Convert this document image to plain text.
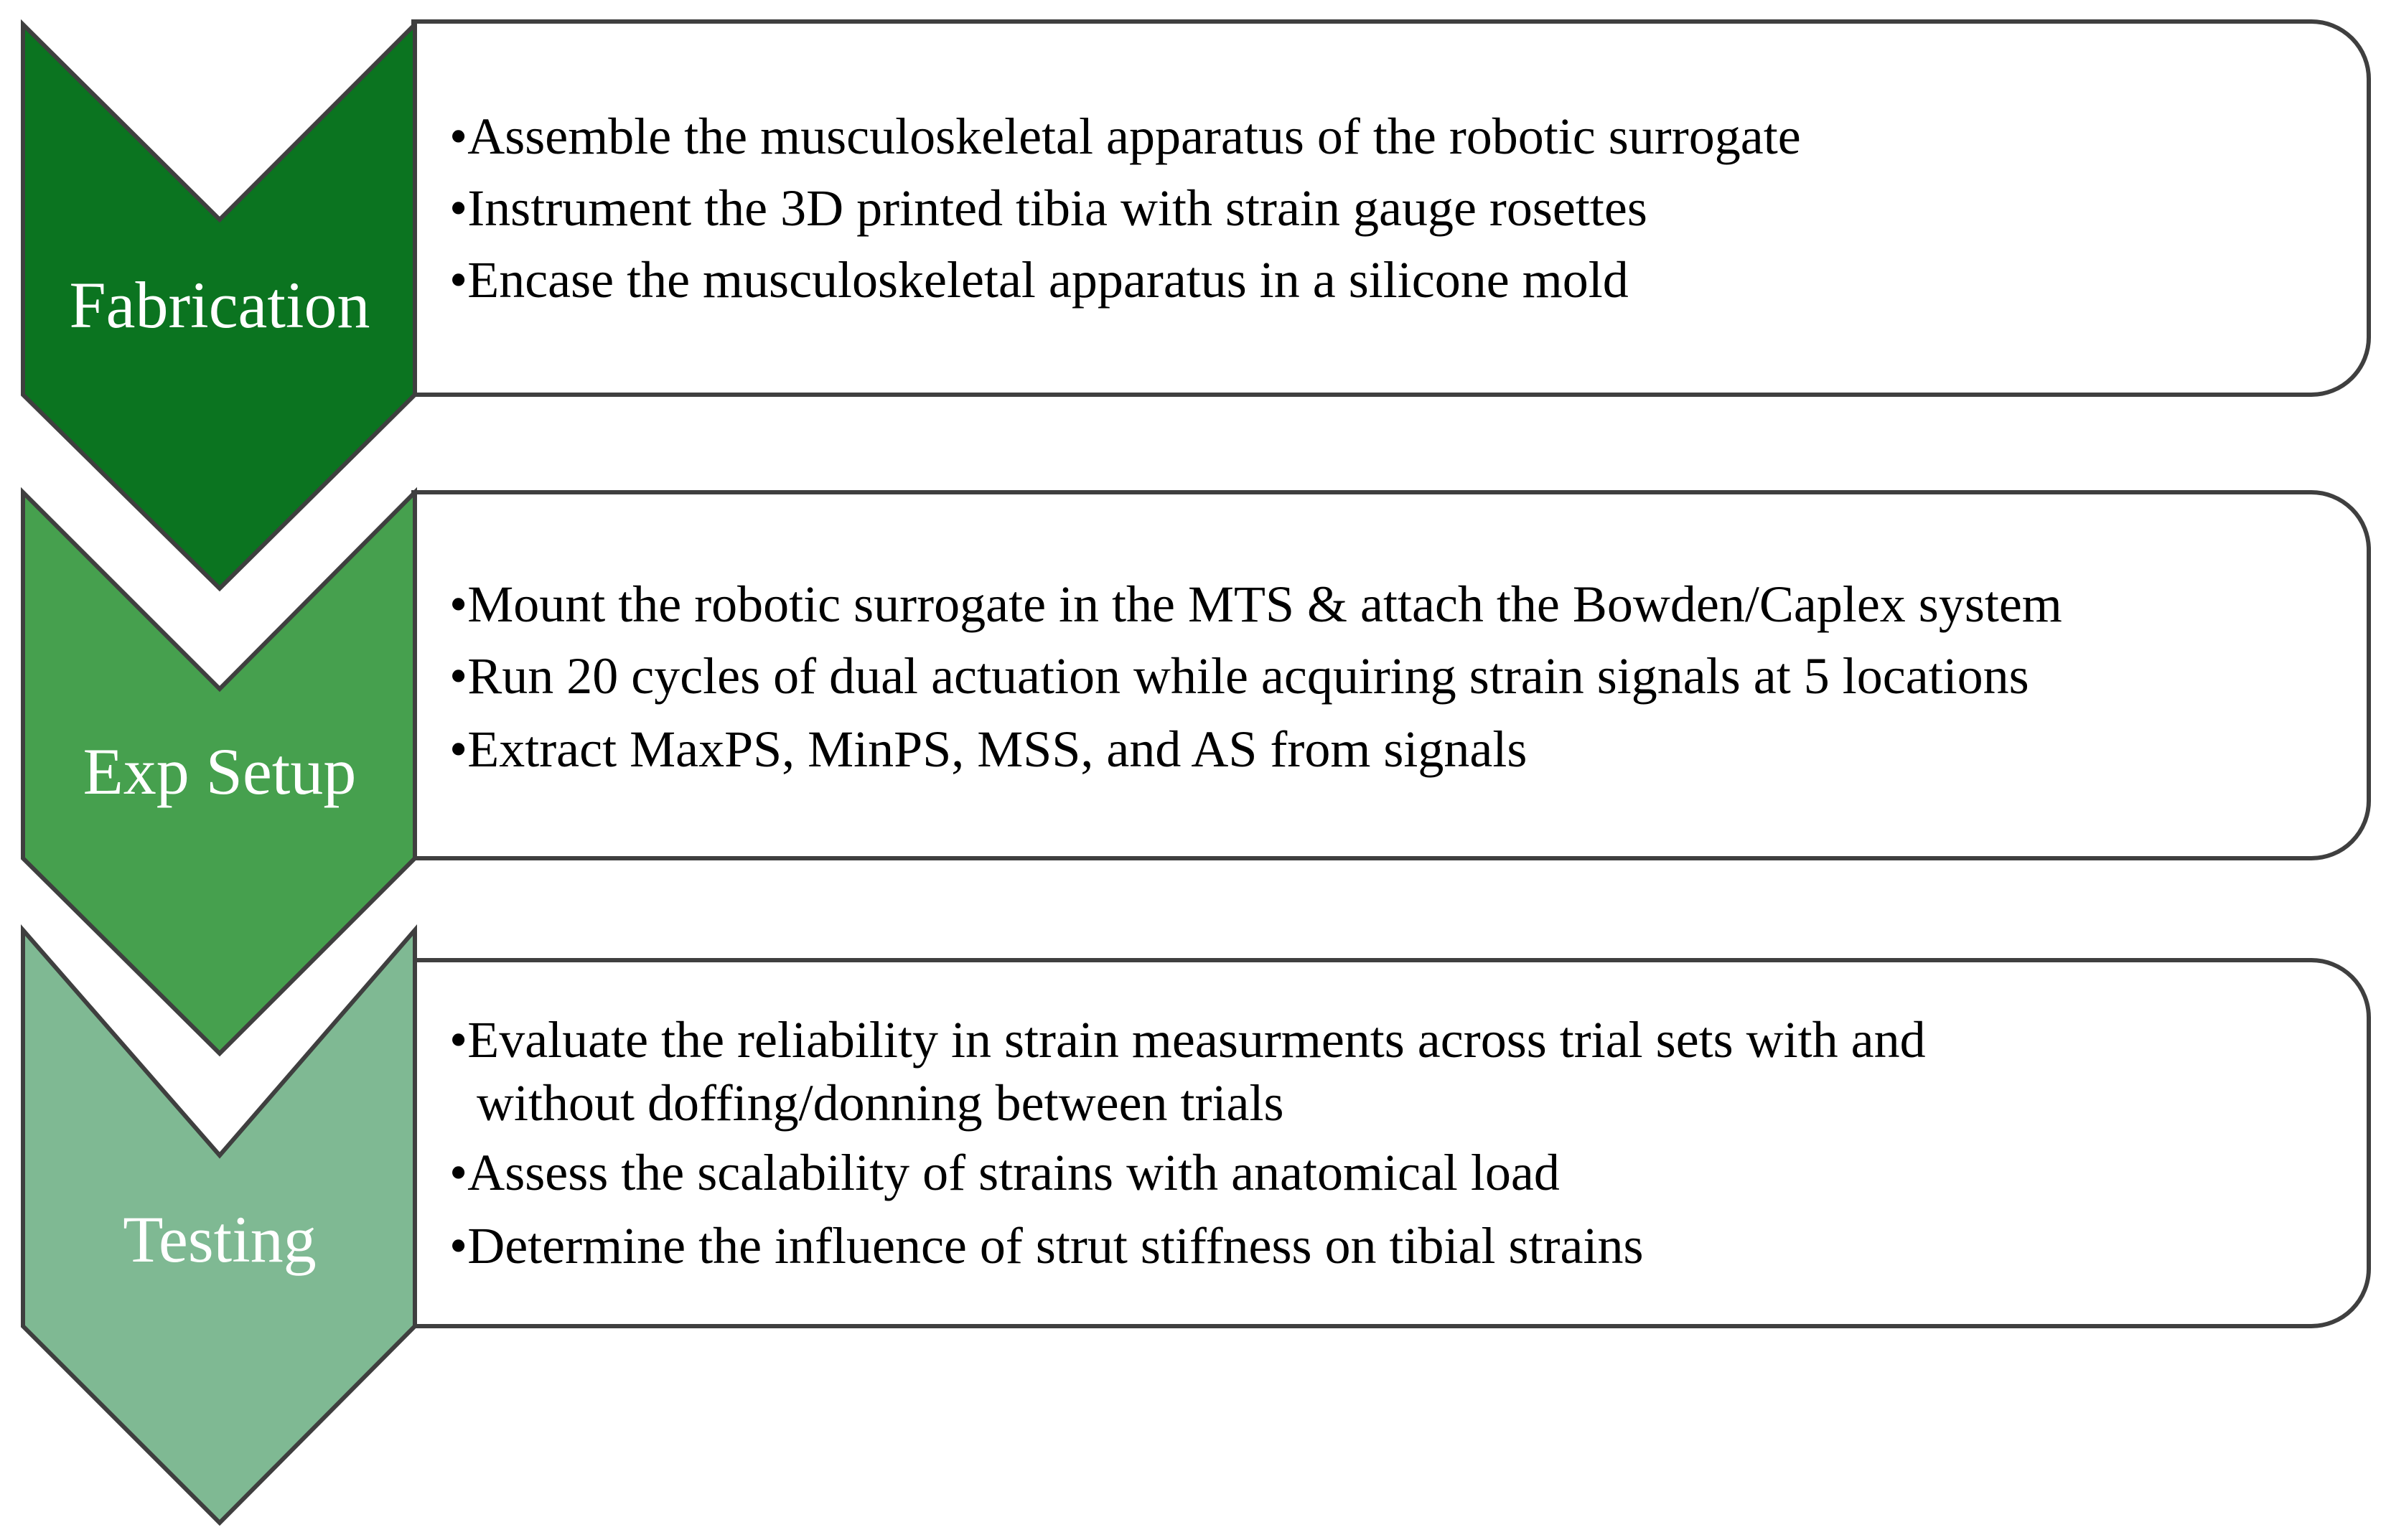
Testing
•Evaluate the reliability in strain measurments across trial sets with and without doffing/donning between trials
•Assess the scalability of strains with anatomical load
•Determine the influence of strut stiffness on tibial strains
Exp Setup
•Mount the robotic surrogate in the MTS & attach the Bowden/Caplex system
•Run 20 cycles of dual actuation while acquiring strain signals at 5 locations
•Extract MaxPS, MinPS, MSS, and AS from signals
Fabrication
•Assemble the musculoskeletal apparatus of the robotic surrogate
•Instrument the 3D printed tibia with strain gauge rosettes
•Encase the musculoskeletal apparatus in a silicone mold
